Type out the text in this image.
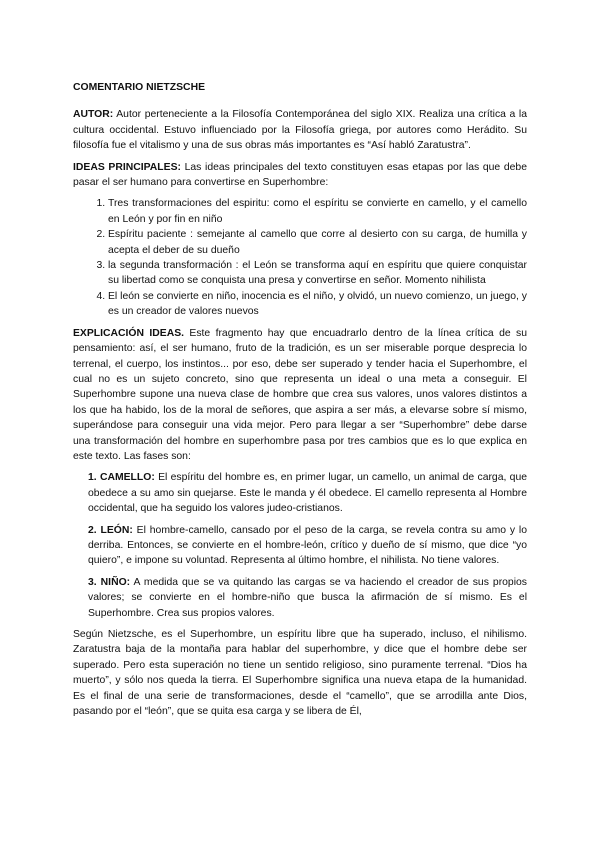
COMENTARIO NIETZSCHE

AUTOR: Autor perteneciente a la Filosofía Contemporánea del siglo XIX. Realiza una crítica a la cultura occidental. Estuvo influenciado por la Filosofía griega, por autores como Herádito. Su filosofía fue el vitalismo y una de sus obras más importantes es “Así habló Zaratustra”.

IDEAS PRINCIPALES: Las ideas principales del texto constituyen esas etapas por las que debe pasar el ser humano para convertirse en Superhombre:

1. Tres transformaciones del espiritu: como el espíritu se convierte en camello, y el camello en León y por fin en niño
2. Espíritu paciente : semejante al camello que corre al desierto con su carga, de humilla y acepta el deber de su dueño
3. la segunda transformación : el León se transforma aquí en espíritu que quiere conquistar su libertad como se conquista una presa y convertirse en señor. Momento nihilista
4. El león se convierte en niño, inocencia es el niño, y olvidó, un nuevo comienzo, un juego, y es un creador de valores nuevos

EXPLICACIÓN IDEAS. Este fragmento hay que encuadrarlo dentro de la línea crítica de su pensamiento: así, el ser humano, fruto de la tradición, es un ser miserable porque desprecia lo terrenal, el cuerpo, los instintos... por eso, debe ser superado y tender hacia el Superhombre, el cual no es un sujeto concreto, sino que representa un ideal o una meta a conseguir. El Superhombre supone una nueva clase de hombre que crea sus valores, unos valores distintos a los que ha habido, los de la moral de señores, que aspira a ser más, a elevarse sobre sí mismo, superándose para conseguir una vida mejor. Pero para llegar a ser “Superhombre” debe darse una transformación del hombre en superhombre pasa por tres cambios que es lo que explica en este texto. Las fases son:

1. CAMELLO: El espíritu del hombre es, en primer lugar, un camello, un animal de carga, que obedece a su amo sin quejarse. Este le manda y él obedece. El camello representa al Hombre occidental, que ha seguido los valores judeo-cristianos.

2. LEÓN: El hombre-camello, cansado por el peso de la carga, se revela contra su amo y lo derriba. Entonces, se convierte en el hombre-león, crítico y dueño de sí mismo, que dice “yo quiero”, e impone su voluntad. Representa al último hombre, el nihilista. No tiene valores.

3. NIÑO: A medida que se va quitando las cargas se va haciendo el creador de sus propios valores; se convierte en el hombre-niño que busca la afirmación de sí mismo. Es el Superhombre. Crea sus propios valores.

Según Nietzsche, es el Superhombre, un espíritu libre que ha superado, incluso, el nihilismo. Zaratustra baja de la montaña para hablar del superhombre, y dice que el hombre debe ser superado. Pero esta superación no tiene un sentido religioso, sino puramente terrenal. “Dios ha muerto”, y sólo nos queda la tierra. El Superhombre significa una nueva etapa de la humanidad. Es el final de una serie de transformaciones, desde el “camello”, que se arrodilla ante Dios, pasando por el “león”, que se quita esa carga y se libera de Él,
